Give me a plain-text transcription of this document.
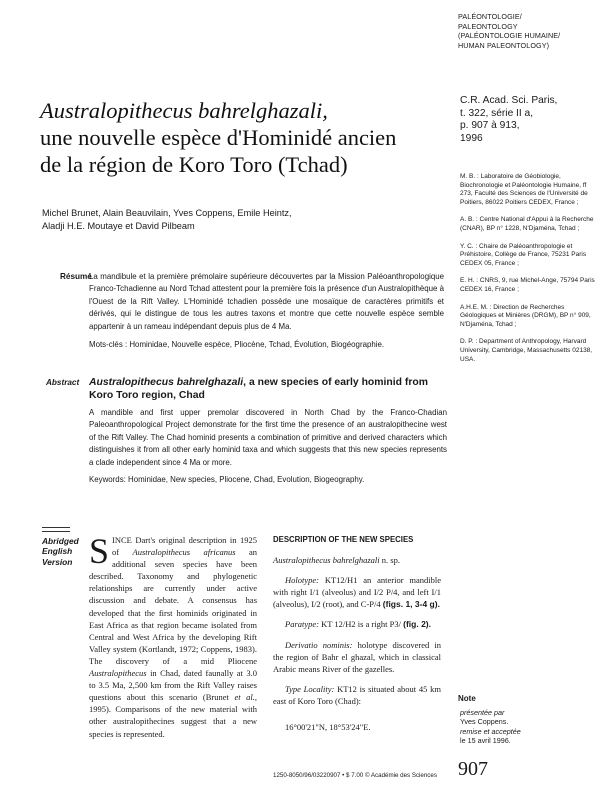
PALÉONTOLOGIE/
PALEONTOLOGY
(PALÉONTOLOGIE HUMAINE/
HUMAN PALEONTOLOGY)
Australopithecus bahrelghazali,
une nouvelle espèce d'Hominidé ancien
de la région de Koro Toro (Tchad)
C.R. Acad. Sci. Paris,
t. 322, série II a,
p. 907 à 913,
1996
Michel Brunet, Alain Beauvilain, Yves Coppens, Emile Heintz,
Aladji H.E. Moutaye et David Pilbeam
M. B. : Laboratoire de Géobiologie, Biochronologie et Paléontologie Humaine, ff 273, Faculté des Sciences de l'Université de Poitiers, 86022 Poitiers CEDEX, France ;
A. B. : Centre National d'Appui à la Recherche (CNAR), BP n° 1228, N'Djaména, Tchad ;
Y. C. : Chaire de Paléoanthropologie et Préhistoire, Collège de France, 75231 Paris CEDEX 05, France ;
E. H. : CNRS, 9, rue Michel-Ange, 75794 Paris CEDEX 16, France ;
A.H.E. M. : Direction de Recherches Géologiques et Minières (DRGM), BP n° 909, N'Djaména, Tchad ;
D. P. : Department of Anthropology, Harvard University, Cambridge, Massachusetts 02138, USA.
Résumé
La mandibule et la première prémolaire supérieure découvertes par la Mission Paléoanthropologique Franco-Tchadienne au Nord Tchad attestent pour la première fois la présence d'un Australopithèque à l'Ouest de la Rift Valley. L'Hominidé tchadien possède une mosaïque de caractères primitifs et dérivés, qui le distingue de tous les autres taxons et montre que cette nouvelle espèce semble appartenir à un rameau indépendant depuis plus de 4 Ma.
Mots-clés : Hominidae, Nouvelle espèce, Pliocène, Tchad, Évolution, Biogéographie.
Abstract Australopithecus bahrelghazali, a new species of early hominid from Koro Toro region, Chad
A mandible and first upper premolar discovered in North Chad by the Franco-Chadian Paleoanthropological Project demonstrate for the first time the presence of an australopithecine west of the Rift Valley. The Chad hominid presents a combination of primitive and derived characters which distinguishes it from all other early hominid taxa and which suggests that this new species represents a clade independent since 4 Ma or more.
Keywords: Hominidae, New species, Pliocene, Chad, Evolution, Biogeography.
Abridged
English
Version SINCE Dart's original description in 1925 of Australopithecus africanus an additional seven species have been described. Taxonomy and phylogenetic relationships are currently under active discussion and debate. A consensus has developed that the first hominids originated in East Africa as that region became isolated from Central and West Africa by the developing Rift Valley system (Kortlandt, 1972; Coppens, 1983). The discovery of a mid Pliocene Australopithecus in Chad, dated faunally at 3.0 to 3.5 Ma, 2,500 km from the Rift Valley raises questions about this scenario (Brunet et al., 1995). Comparisons of the new material with other australopithecines suggest that a new species is represented.
DESCRIPTION OF THE NEW SPECIES
Australopithecus bahrelghazali n. sp.
Holotype: KT12/H1 an anterior mandible with right I/1 (alveolus) and I/2 P/4, and left I/1 (alveolus), I/2 (root), and C-P/4 (figs. 1, 3-4 g).
Paratype: KT 12/H2 is a right P3/ (fig. 2).
Derivatio nominis: holotype discovered in the region of Bahr el ghazal, which in classical Arabic means River of the gazelles.
Type Locality: KT12 is situated about 45 km east of Koro Toro (Chad):
16°00'21"N, 18°53'24"E.
Note
présentée par
Yves Coppens.
remise et acceptée
le 15 avril 1996.
1250-8050/96/03220907 • $ 7.00 © Académie des Sciences	907
